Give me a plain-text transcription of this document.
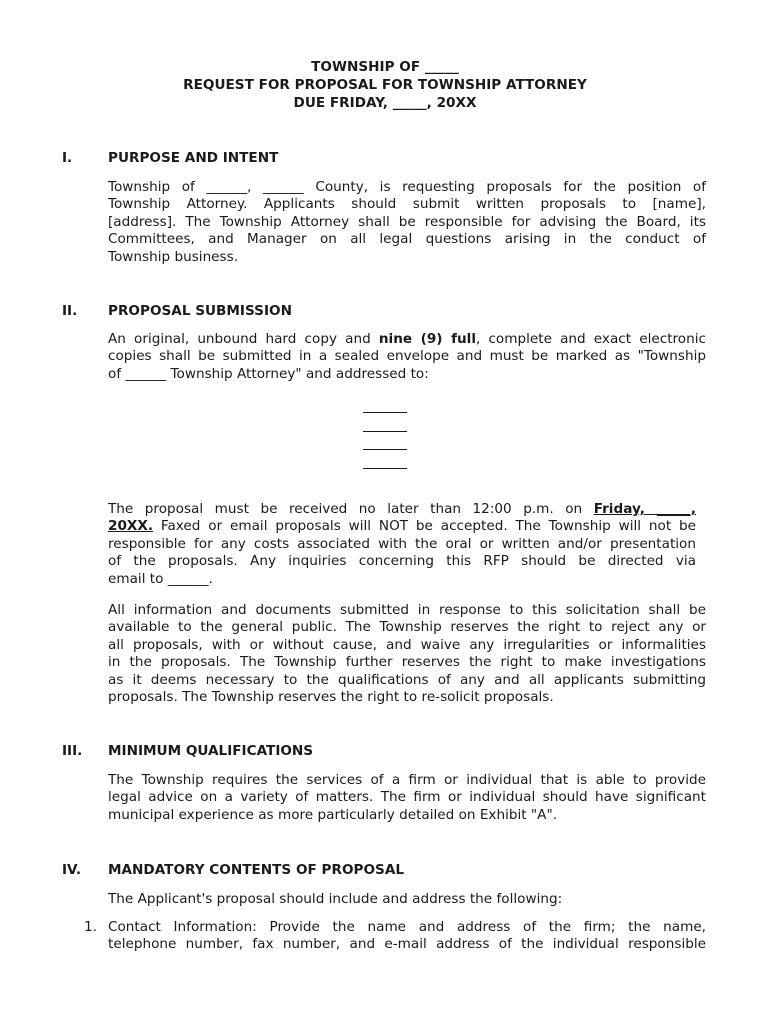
TOWNSHIP OF _____
REQUEST FOR PROPOSAL FOR TOWNSHIP ATTORNEY
DUE FRIDAY, _____, 20XX
I.	PURPOSE AND INTENT
Township of ______, ______ County, is requesting proposals for the position of
Township Attorney. Applicants should submit written proposals to [name],
[address]. The Township Attorney shall be responsible for advising the Board, its
Committees, and Manager on all legal questions arising in the conduct of
Township business.
II. PROPOSAL SUBMISSION
An original, unbound hard copy and nine (9) full, complete and exact electronic
copies shall be submitted in a sealed envelope and must be marked as "Township
of ______ Township Attorney" and addressed to:
The proposal must be received no later than 12:00 p.m. on Friday, _____,
20XX. Faxed or email proposals will NOT be accepted. The Township will not be
responsible for any costs associated with the oral or written and/or presentation
of the proposals. Any inquiries concerning this RFP should be directed via
email to ______.
All information and documents submitted in response to this solicitation shall be
available to the general public. The Township reserves the right to reject any or
all proposals, with or without cause, and waive any irregularities or informalities
in the proposals. The Township further reserves the right to make investigations
as it deems necessary to the qualifications of any and all applicants submitting
proposals. The Township reserves the right to re-solicit proposals.
III. MINIMUM QUALIFICATIONS
The Township requires the services of a firm or individual that is able to provide
legal advice on a variety of matters. The firm or individual should have significant
municipal experience as more particularly detailed on Exhibit "A".
IV. MANDATORY CONTENTS OF PROPOSAL
The Applicant's proposal should include and address the following:
1. Contact Information: Provide the name and address of the firm; the name,
telephone number, fax number, and e-mail address of the individual responsible
